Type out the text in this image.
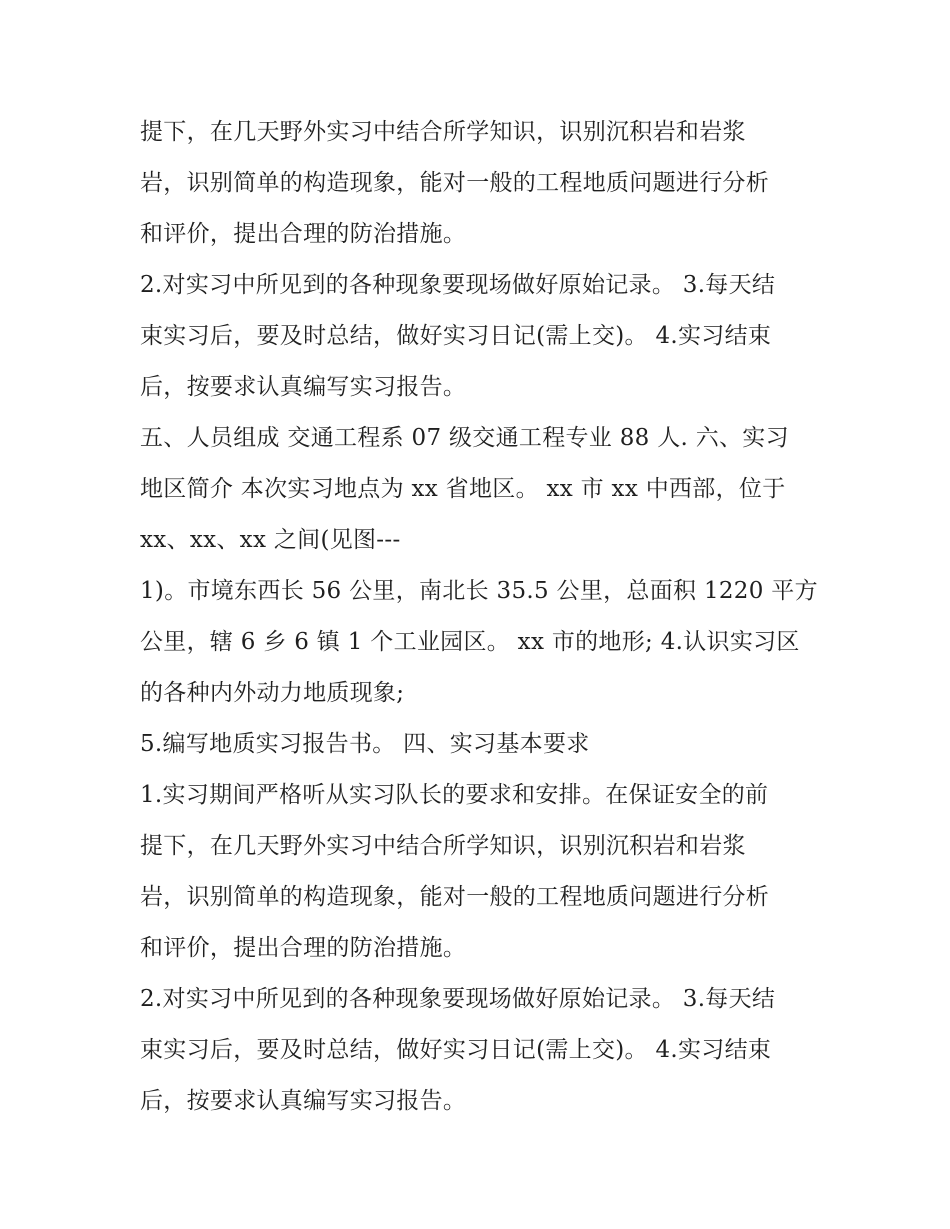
提下，在几天野外实习中结合所学知识，识别沉积岩和岩浆
岩，识别简单的构造现象，能对一般的工程地质问题进行分析
和评价，提出合理的防治措施。
2.对实习中所见到的各种现象要现场做好原始记录。 3.每天结
束实习后，要及时总结，做好实习日记(需上交)。 4.实习结束
后，按要求认真编写实习报告。
五、人员组成 交通工程系 07 级交通工程专业 88 人. 六、实习
地区简介 本次实习地点为 xx 省地区。 xx 市 xx 中西部，位于
xx、xx、xx 之间(见图---
1)。市境东西长 56 公里，南北长 35.5 公里，总面积 1220 平方
公里，辖 6 乡 6 镇 1 个工业园区。 xx 市的地形; 4.认识实习区
的各种内外动力地质现象;
5.编写地质实习报告书。 四、实习基本要求
1.实习期间严格听从实习队长的要求和安排。在保证安全的前
提下，在几天野外实习中结合所学知识，识别沉积岩和岩浆
岩，识别简单的构造现象，能对一般的工程地质问题进行分析
和评价，提出合理的防治措施。
2.对实习中所见到的各种现象要现场做好原始记录。 3.每天结
束实习后，要及时总结，做好实习日记(需上交)。 4.实习结束
后，按要求认真编写实习报告。
